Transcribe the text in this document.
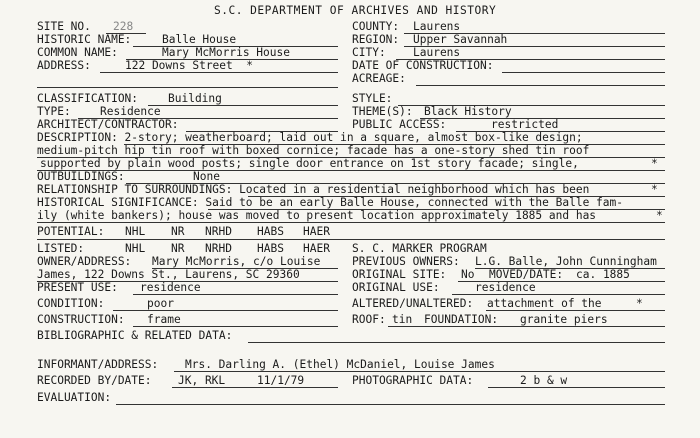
S.C. DEPARTMENT OF ARCHIVES AND HISTORY
SITE NO. 228	COUNTY: Laurens
HISTORIC NAME:	Balle House	REGION: Upper Savannah
COMMON NAME:	Mary McMorris House	CITY: Laurens
ADDRESS:	122 Downs Street  *	DATE OF CONSTRUCTION:
ACREAGE:
CLASSIFICATION:	Building	STYLE:
TYPE:	Residence	THEME(S): Black History
ARCHITECT/CONTRACTOR:	PUBLIC ACCESS:	restricted
DESCRIPTION: 2-story; weatherboard; laid out in a square, almost box-like design;
medium-pitch hip tin roof with boxed cornice; facade has a one-story shed tin roof
supported by plain wood posts; single door entrance on 1st story facade; single,	*
OUTBUILDINGS:	None
RELATIONSHIP TO SURROUNDINGS: Located in a residential neighborhood which has been	*
HISTORICAL SIGNIFICANCE: Said to be an early Balle House, connected with the Balle fam-
ily (white bankers); house was moved to present location approximately 1885 and has	*
POTENTIAL: NHL NR NRHD HABS HAER
LISTED:	NHL NR NRHD HABS HAER S. C. MARKER PROGRAM
OWNER/ADDRESS: Mary McMorris, c/o Louise	PREVIOUS OWNERS: L.G. Balle, John Cunningham
James, 122 Downs St., Laurens, SC 29360	ORIGINAL SITE: No MOVED/DATE: ca. 1885
PRESENT USE: residence	ORIGINAL USE:	residence
CONDITION:	poor	ALTERED/UNALTERED: attachment of the	*
CONSTRUCTION: frame	ROOF: tin FOUNDATION: granite piers
BIBLIOGRAPHIC & RELATED DATA:
INFORMANT/ADDRESS: Mrs. Darling A. (Ethel) McDaniel, Louise James
RECORDED BY/DATE: JK, RKL	11/1/79	PHOTOGRAPHIC DATA:	2 b & w
EVALUATION:
